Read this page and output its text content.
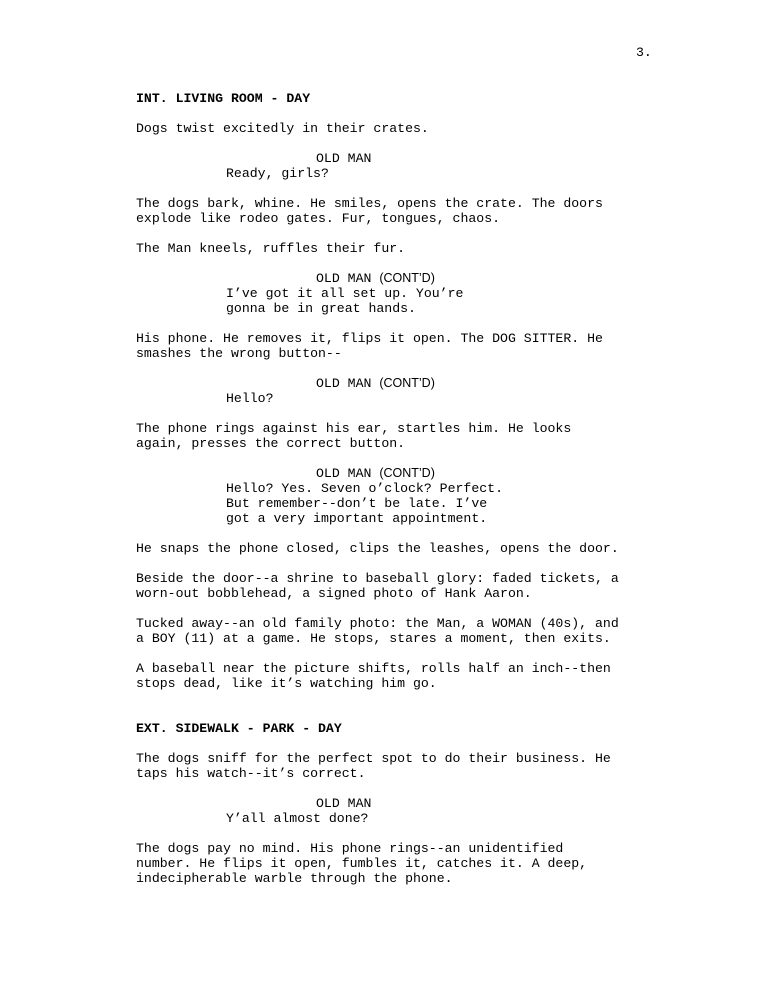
3.
INT. LIVING ROOM - DAY
Dogs twist excitedly in their crates.
OLD MAN
Ready, girls?
The dogs bark, whine. He smiles, opens the crate. The doors
explode like rodeo gates. Fur, tongues, chaos.
The Man kneels, ruffles their fur.
OLD MAN (CONT’D)
I’ve got it all set up. You’re
gonna be in great hands.
His phone. He removes it, flips it open. The DOG SITTER. He
smashes the wrong button--
OLD MAN (CONT’D)
Hello?
The phone rings against his ear, startles him. He looks
again, presses the correct button.
OLD MAN (CONT’D)
Hello? Yes. Seven o’clock? Perfect.
But remember--don’t be late. I’ve
got a very important appointment.
He snaps the phone closed, clips the leashes, opens the door.
Beside the door--a shrine to baseball glory: faded tickets, a
worn-out bobblehead, a signed photo of Hank Aaron.
Tucked away--an old family photo: the Man, a WOMAN (40s), and
a BOY (11) at a game. He stops, stares a moment, then exits.
A baseball near the picture shifts, rolls half an inch--then
stops dead, like it’s watching him go.
EXT. SIDEWALK - PARK - DAY
The dogs sniff for the perfect spot to do their business. He
taps his watch--it’s correct.
OLD MAN
Y’all almost done?
The dogs pay no mind. His phone rings--an unidentified
number. He flips it open, fumbles it, catches it. A deep,
indecipherable warble through the phone.
